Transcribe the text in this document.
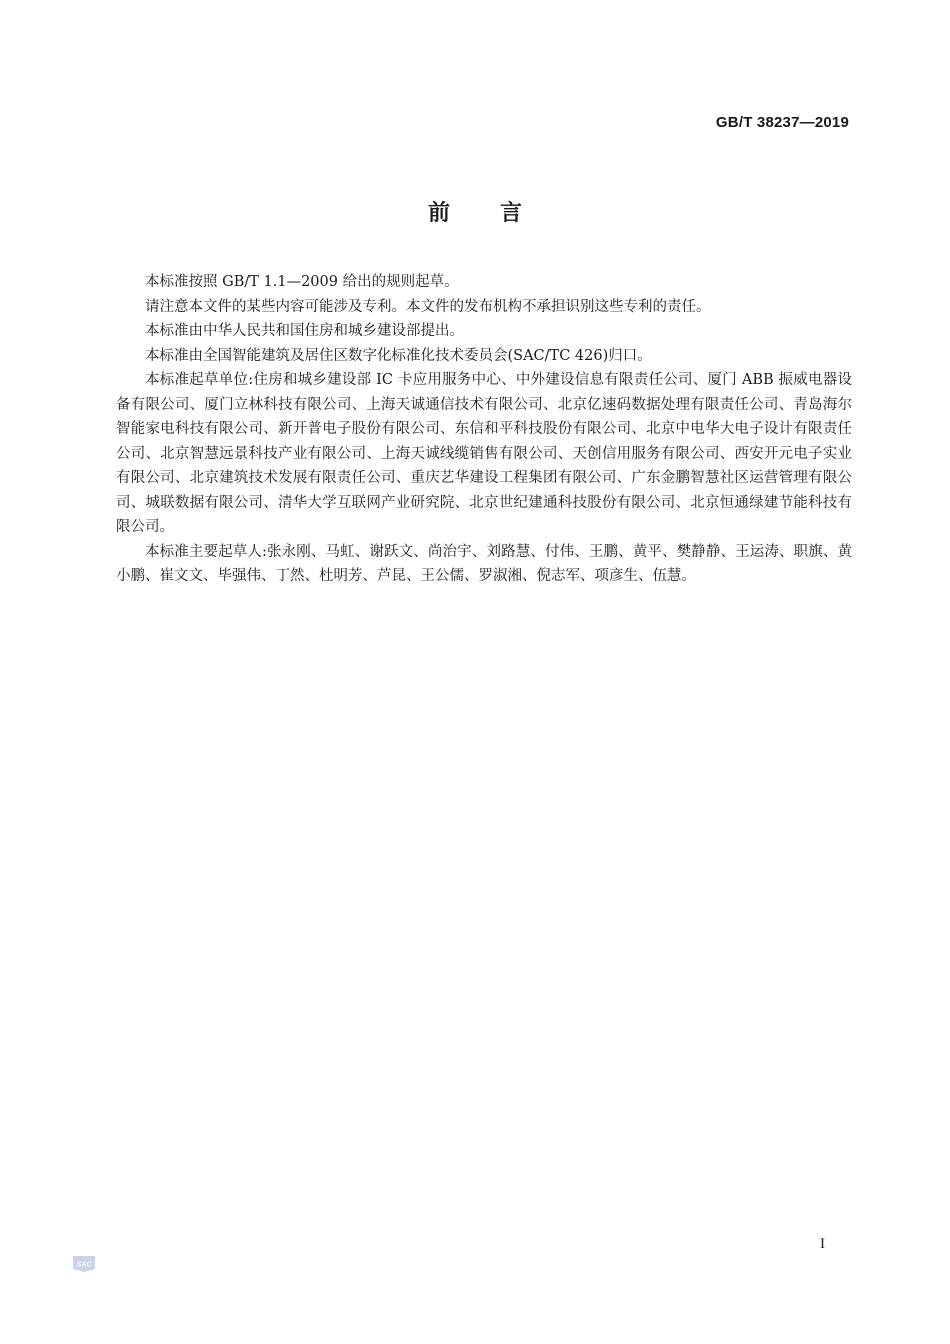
GB/T 38237—2019
前言

本标准按照 GB/T 1.1—2009 给出的规则起草。

请注意本文件的某些内容可能涉及专利。本文件的发布机构不承担识别这些专利的责任。

本标准由中华人民共和国住房和城乡建设部提出。

本标准由全国智能建筑及居住区数字化标准化技术委员会(SAC/TC 426)归口。

本标准起草单位:住房和城乡建设部 IC 卡应用服务中心、中外建设信息有限责任公司、厦门 ABB 振威电器设备有限公司、厦门立林科技有限公司、上海天诚通信技术有限公司、北京亿速码数据处理有限责任公司、青岛海尔智能家电科技有限公司、新开普电子股份有限公司、东信和平科技股份有限公司、北京中电华大电子设计有限责任公司、北京智慧远景科技产业有限公司、上海天诚线缆销售有限公司、天创信用服务有限公司、西安开元电子实业有限公司、北京建筑技术发展有限责任公司、重庆艺华建设工程集团有限公司、广东金鹏智慧社区运营管理有限公司、城联数据有限公司、清华大学互联网产业研究院、北京世纪建通科技股份有限公司、北京恒通绿建节能科技有限公司。

本标准主要起草人:张永刚、马虹、谢跃文、尚治宇、刘路慧、付伟、王鹏、黄平、樊静静、王运涛、职旗、黄小鹏、崔文文、毕强伟、丁然、杜明芳、芦昆、王公儒、罗淑湘、倪志军、项彦生、伍慧。

I
SAC
